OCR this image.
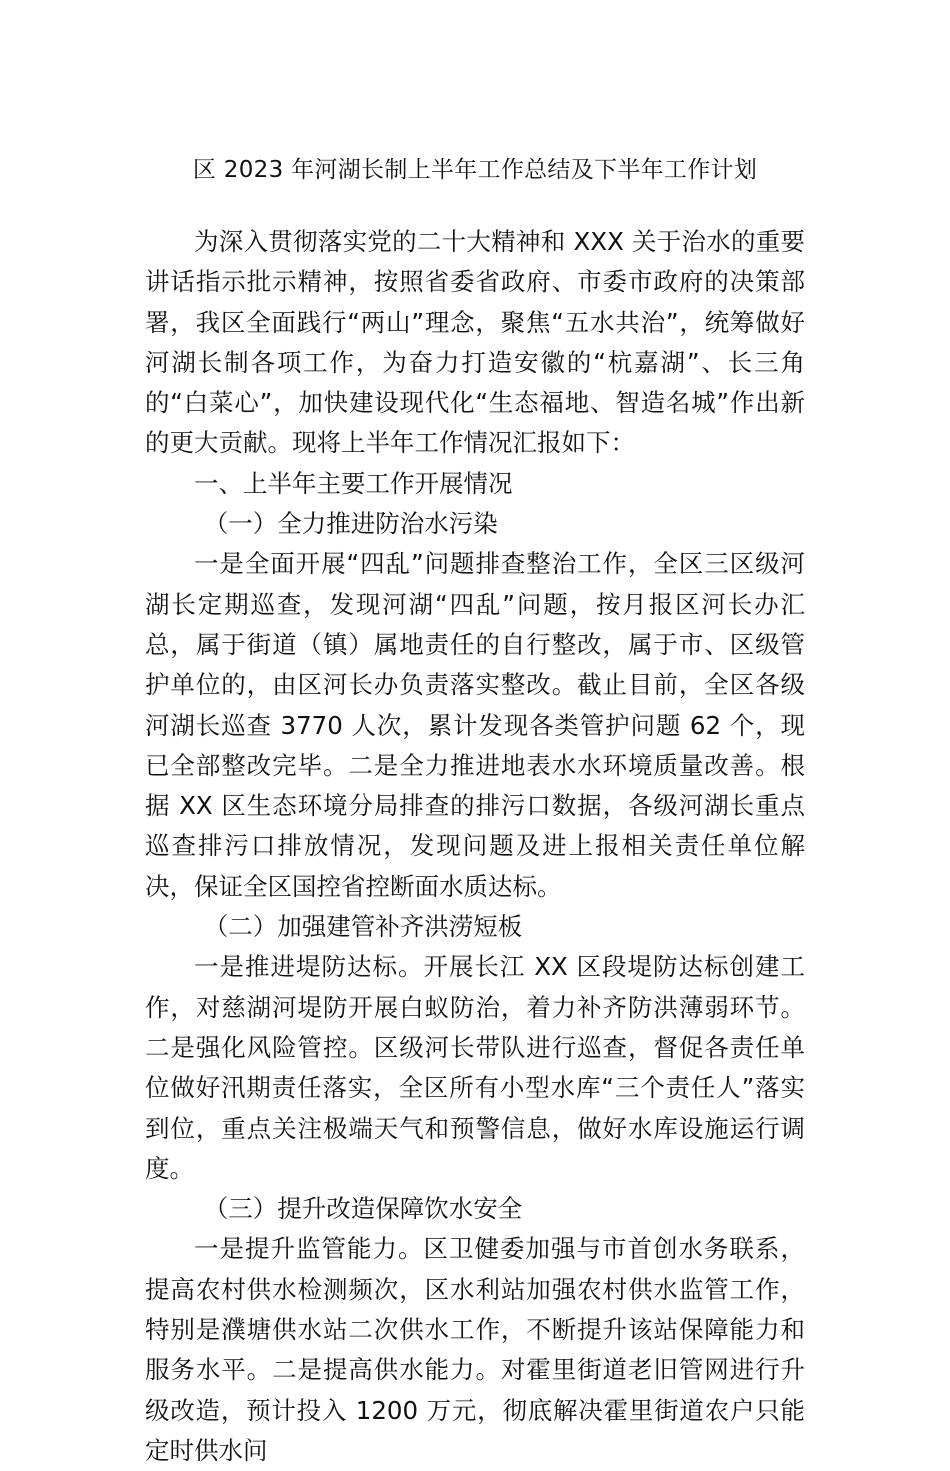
区 2023 年河湖长制上半年工作总结及下半年工作计划

为深入贯彻落实党的二十大精神和 XXX 关于治水的重要讲话指示批示精神，按照省委省政府、市委市政府的决策部署，我区全面践行“两山”理念，聚焦“五水共治”，统筹做好河湖长制各项工作，为奋力打造安徽的“杭嘉湖”、长三角的“白菜心”，加快建设现代化“生态福地、智造名城”作出新的更大贡献。现将上半年工作情况汇报如下：

一、上半年主要工作开展情况

（一）全力推进防治水污染

一是全面开展“四乱”问题排查整治工作，全区三区级河湖长定期巡查，发现河湖“四乱”问题，按月报区河长办汇总，属于街道（镇）属地责任的自行整改，属于市、区级管护单位的，由区河长办负责落实整改。截止目前，全区各级河湖长巡查 3770 人次，累计发现各类管护问题 62 个，现已全部整改完毕。二是全力推进地表水水环境质量改善。根据 XX 区生态环境分局排查的排污口数据，各级河湖长重点巡查排污口排放情况，发现问题及进上报相关责任单位解决，保证全区国控省控断面水质达标。

（二）加强建管补齐洪涝短板

一是推进堤防达标。开展长江 XX 区段堤防达标创建工作，对慈湖河堤防开展白蚁防治，着力补齐防洪薄弱环节。二是强化风险管控。区级河长带队进行巡查，督促各责任单位做好汛期责任落实，全区所有小型水库“三个责任人”落实到位，重点关注极端天气和预警信息，做好水库设施运行调度。

（三）提升改造保障饮水安全

一是提升监管能力。区卫健委加强与市首创水务联系，提高农村供水检测频次，区水利站加强农村供水监管工作，特别是濮塘供水站二次供水工作，不断提升该站保障能力和服务水平。二是提高供水能力。对霍里街道老旧管网进行升级改造，预计投入 1200 万元，彻底解决霍里街道农户只能定时供水问
